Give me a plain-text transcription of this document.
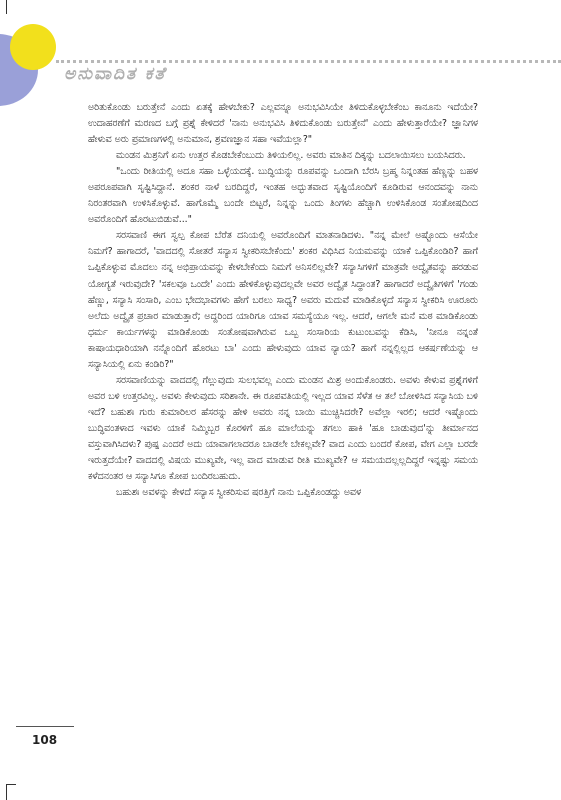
ಅನುವಾದಿತ ಕತೆ

ಅರಿತುಕೊಂಡು ಬರುತ್ತೇನೆ ಎಂದು ಏತಕ್ಕೆ ಹೇಳಬೇಕು? ಎಲ್ಲವನ್ನೂ ಅನುಭವಿಸಿಯೇ ತಿಳಿದುಕೊಳ್ಳಬೇಕೆಂಬ ಕಾನೂನು ಇದೆಯೇ? ಉದಾಹರಣೆಗೆ ಮರಣದ ಬಗ್ಗೆ ಪ್ರಶ್ನೆ ಕೇಳಿದರೆ 'ನಾನು ಅನುಭವಿಸಿ ತಿಳಿದುಕೊಂಡು ಬರುತ್ತೇನೆ' ಎಂದು ಹೇಳುತ್ತಾರೆಯೇ? ಜ್ಞಾನಿಗಳ ಹೇಳುವ ಅರು ಪ್ರಮಾಣಗಳಲ್ಲಿ ಅನುಮಾನ, ಶ್ರವಣಜ್ಞಾನ ಸಹಾ ಇವೆಯಲ್ಲಾ?"

ಮಂಡನ ಮಿಶ್ರನಿಗೆ ಏನು ಉತ್ತರ ಕೊಡಬೇಕೆಂಬುದು ತಿಳಿಯಲಿಲ್ಲ. ಅವರು ಮಾತಿನ ದಿಕ್ಕನ್ನು ಬದಲಾಯಿಸಲು ಬಯಸಿದರು.

"ಒಂದು ರೀತಿಯಲ್ಲಿ ಅದೂ ಸಹಾ ಒಳ್ಳೆಯದಕ್ಕೆ. ಬುದ್ಧಿಯನ್ನು ರೂಪವನ್ನು ಒಂದಾಗಿ ಬೆರಸಿ ಬ್ರಹ್ಮ ನಿನ್ನಂತಹ ಹೆಣ್ಣನ್ನು ಬಹಳ ಅಪರೂಪವಾಗಿ ಸೃಷ್ಟಿಸಿದ್ದಾನೆ. ಶಂಕರ ನಾಳೆ ಬರದಿದ್ದರೆ, ಇಂತಹ ಅದ್ಭುತವಾದ ಸೃಷ್ಟಿಯೊಂದಿಗೆ ಕೂಡಿರುವ ಆನಂದವನ್ನು ನಾನು ನಿರಂತರವಾಗಿ ಉಳಿಸಿಕೊಳ್ಳುವೆ. ಹಾಗೊಮ್ಮೆ ಬಂದೇ ಬಿಟ್ಟರೆ, ನಿನ್ನನ್ನು ಒಂದು ತಿಂಗಳು ಹೆಚ್ಚಾಗಿ ಉಳಿಸಿಕೊಂಡ ಸಂತೋಷದಿಂದ ಅವರೊಂದಿಗೆ ಹೊರಟುಬಿಡುವೆ..."

ಸರಸವಾಣಿ ಈಗ ಸ್ವಲ್ಪ ಕೋಪ ಬೆರೆತ ದನಿಯಲ್ಲಿ ಅವರೊಂದಿಗೆ ಮಾತನಾಡಿದಳು. "ನನ್ನ ಮೇಲೆ ಅಷ್ಟೊಂದು ಆಸೆಯೇ ನಿಮಗೆ? ಹಾಗಾದರೆ, 'ವಾದದಲ್ಲಿ ಸೋತರೆ ಸನ್ಯಾಸ ಸ್ವೀಕರಿಸಬೇಕೆಂದು' ಶಂಕರ ವಿಧಿಸಿದ ನಿಯಮವನ್ನು ಯಾಕೆ ಒಪ್ಪಿಕೊಂಡಿರಿ? ಹಾಗೆ ಒಪ್ಪಿಕೊಳ್ಳುವ ಮೊದಲು ನನ್ನ ಅಭಿಪ್ರಾಯವನ್ನು ಕೇಳಬೇಕೆಂದು ನಿಮಗೆ ಅನಿಸಲಿಲ್ಲವೇ? ಸನ್ಯಾಸಿಗಳಿಗೆ ಮಾತ್ರವೇ ಅದ್ವೈತವನ್ನು ಹರಡುವ ಯೋಗ್ಯತೆ ಇರುವುದೇ? 'ಸಕಲವೂ ಒಂದೇ' ಎಂದು ಹೇಳಿಕೊಳ್ಳುವುದಲ್ಲವೇ ಅವರ ಅದ್ವೈತ ಸಿದ್ಧಾಂತ? ಹಾಗಾದರೆ ಅದ್ವೈತಿಗಳಿಗೆ 'ಗಂಡು ಹೆಣ್ಣು, ಸನ್ಯಾಸಿ ಸಂಸಾರಿ, ಎಂಬ ಭೇದಭಾವಗಳು ಹೇಗೆ ಬರಲು ಸಾಧ್ಯ? ಅವರು ಮದುವೆ ಮಾಡಿಕೊಳ್ಳದೆ ಸನ್ಯಾಸ ಸ್ವೀಕರಿಸಿ ಊರೂರು ಅಲೆದು ಅದ್ವೈತ ಪ್ರಚಾರ ಮಾಡುತ್ತಾರೆ; ಅದ್ದರಿಂದ ಯಾರಿಗೂ ಯಾವ ಸಮಸ್ಯೆಯೂ ಇಲ್ಲ. ಆದರೆ, ಆಗಲೇ ಮನೆ ಮಠ ಮಾಡಿಕೊಂಡು ಧರ್ಮ ಕಾರ್ಯಗಳನ್ನು ಮಾಡಿಕೊಂಡು ಸಂತೋಷವಾಗಿರುವ ಒಬ್ಬ ಸಂಸಾರಿಯ ಕುಟುಂಬವನ್ನು ಕೆಡಿಸಿ, 'ನೀನೂ ನನ್ನಂತೆ ಕಾಷಾಯಧಾರಿಯಾಗಿ ನನ್ನೊಂದಿಗೆ ಹೊರಟು ಬಾ' ಎಂದು ಹೇಳುವುದು ಯಾವ ನ್ಯಾಯ? ಹಾಗೆ ನನ್ನಲ್ಲಿಲ್ಲದ ಆಕರ್ಷಣೆಯನ್ನು ಆ ಸನ್ಯಾಸಿಯಲ್ಲಿ ಏನು ಕಂಡಿರಿ?"

ಸರಸವಾಣಿಯನ್ನು ವಾದದಲ್ಲಿ ಗೆಲ್ಲುವುದು ಸುಲಭವಲ್ಲ ಎಂದು ಮಂಡನ ಮಿಶ್ರ ಅಂದುಕೊಂಡರು. ಅವಳು ಕೇಳುವ ಪ್ರಶ್ನೆಗಳಿಗೆ ಅವರ ಬಳಿ ಉತ್ತರವಿಲ್ಲ. ಅವಳು ಕೇಳುವುದು ಸರಿಶಾನೇ. ಈ ರೂಪವತಿಯಲ್ಲಿ ಇಲ್ಲದ ಯಾವ ಸೆಳೆತ ಆ ತಲೆ ಬೋಳಿಸಿದ ಸನ್ಯಾಸಿಯ ಬಳಿ ಇದೆ? ಬಹುಶಃ ಗುರು ಕುಮಾರಿಲರ ಹೆಸರನ್ನು ಹೇಳಿ ಅವರು ನನ್ನ ಬಾಯಿ ಮುಚ್ಚಿಸಿದರೇ? ಅವೆಲ್ಲಾ ಇರಲಿ; ಆದರೆ ಇಷ್ಟೊಂದು ಬುದ್ಧಿವಂತಳಾದ ಇವಳು ಯಾಕೆ ನಿಮ್ಮಿಬ್ಬರ ಕೊರಳಿಗೆ ಹೂ ಮಾಲೆಯನ್ನು ತಗಲು ಹಾಕಿ 'ಹೂ ಬಾಡುವುದ'ನ್ನು ತೀರ್ಮಾನದ ವಸ್ತುವಾಗಿಸಿದಳು? ಪುಷ್ಪ ಎಂದರೆ ಅದು ಯಾವಾಗಲಾದರೂ ಬಾಡಲೇ ಬೇಕಲ್ಲವೇ? ವಾದ ಎಂದು ಬಂದರೆ ಕೋಪ, ವೇಗ ಎಲ್ಲಾ ಬರದೇ ಇರುತ್ತದೆಯೇ? ವಾದದಲ್ಲಿ ವಿಷಯ ಮುಖ್ಯವೇ, ಇಲ್ಲ ವಾದ ಮಾಡುವ ರೀತಿ ಮುಖ್ಯವೇ? ಆ ಸಮಯದಲ್ಲಲ್ಲದಿದ್ದರೆ ಇನ್ನಷ್ಟು ಸಮಯ ಕಳೆದನಂತರ ಆ ಸನ್ಯಾಸಿಗೂ ಕೋಪ ಬಂದಿರಬಹುದು.

ಬಹುಶಃ ಅವಳನ್ನು ಕೇಳದೆ ಸನ್ಯಾಸ ಸ್ವೀಕರಿಸುವ ಷರತ್ತಿಗೆ ನಾನು ಒಪ್ಪಿಕೊಂಡದ್ದು ಅವಳ

108
